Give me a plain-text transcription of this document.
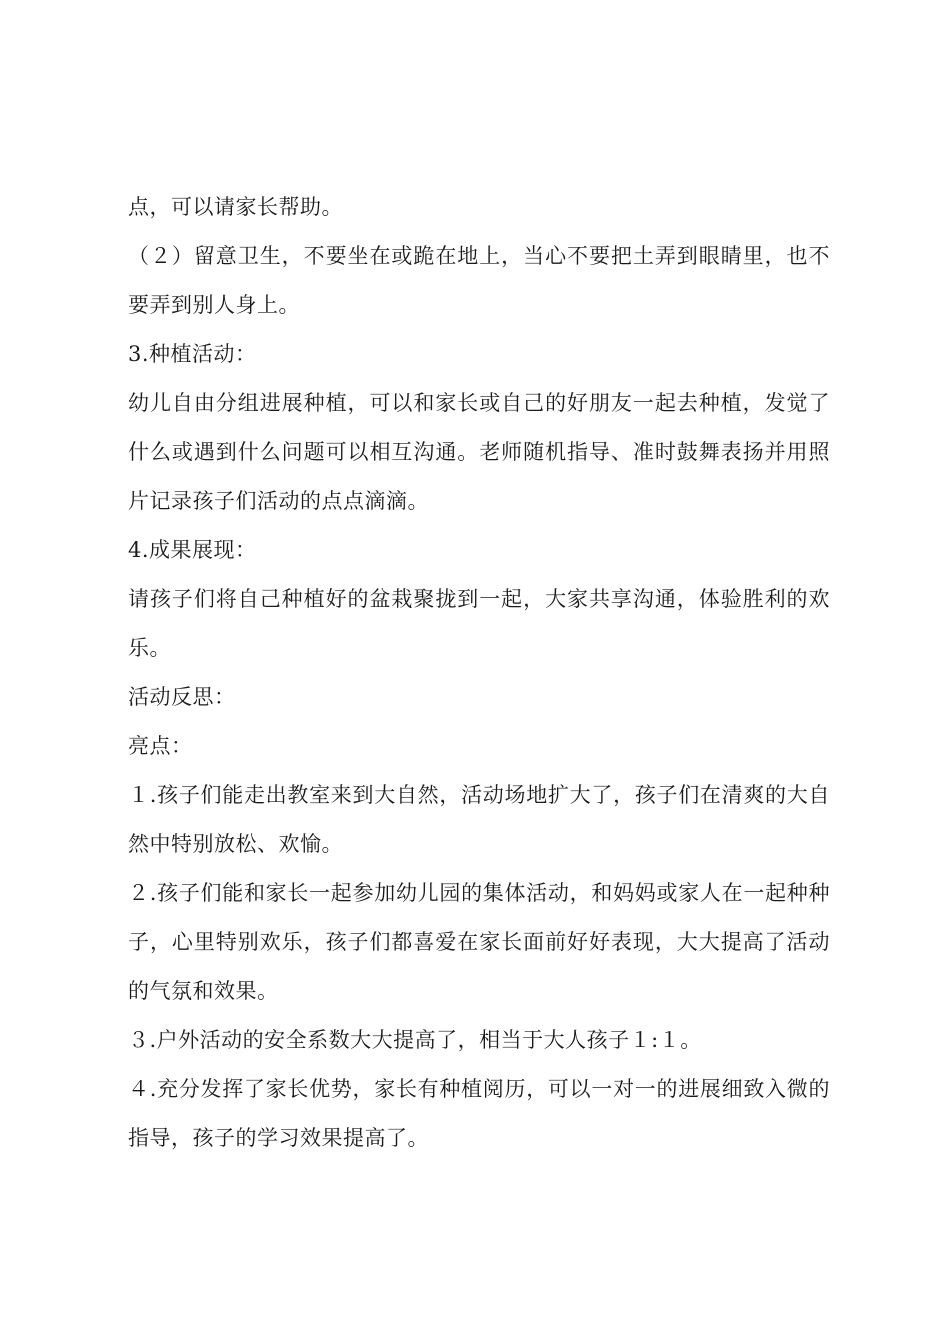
点，可以请家长帮助。

（２）留意卫生，不要坐在或跪在地上，当心不要把土弄到眼睛里，也不要弄到别人身上。

3.种植活动：

幼儿自由分组进展种植，可以和家长或自己的好朋友一起去种植，发觉了什么或遇到什么问题可以相互沟通。老师随机指导、准时鼓舞表扬并用照片记录孩子们活动的点点滴滴。

4.成果展现：

请孩子们将自己种植好的盆栽聚拢到一起，大家共享沟通，体验胜利的欢乐。

活动反思：

亮点：

１.孩子们能走出教室来到大自然，活动场地扩大了，孩子们在清爽的大自然中特别放松、欢愉。

２.孩子们能和家长一起参加幼儿园的集体活动，和妈妈或家人在一起种种子，心里特别欢乐，孩子们都喜爱在家长面前好好表现，大大提高了活动的气氛和效果。

３.户外活动的安全系数大大提高了，相当于大人孩子１:１。

４.充分发挥了家长优势，家长有种植阅历，可以一对一的进展细致入微的指导，孩子的学习效果提高了。
